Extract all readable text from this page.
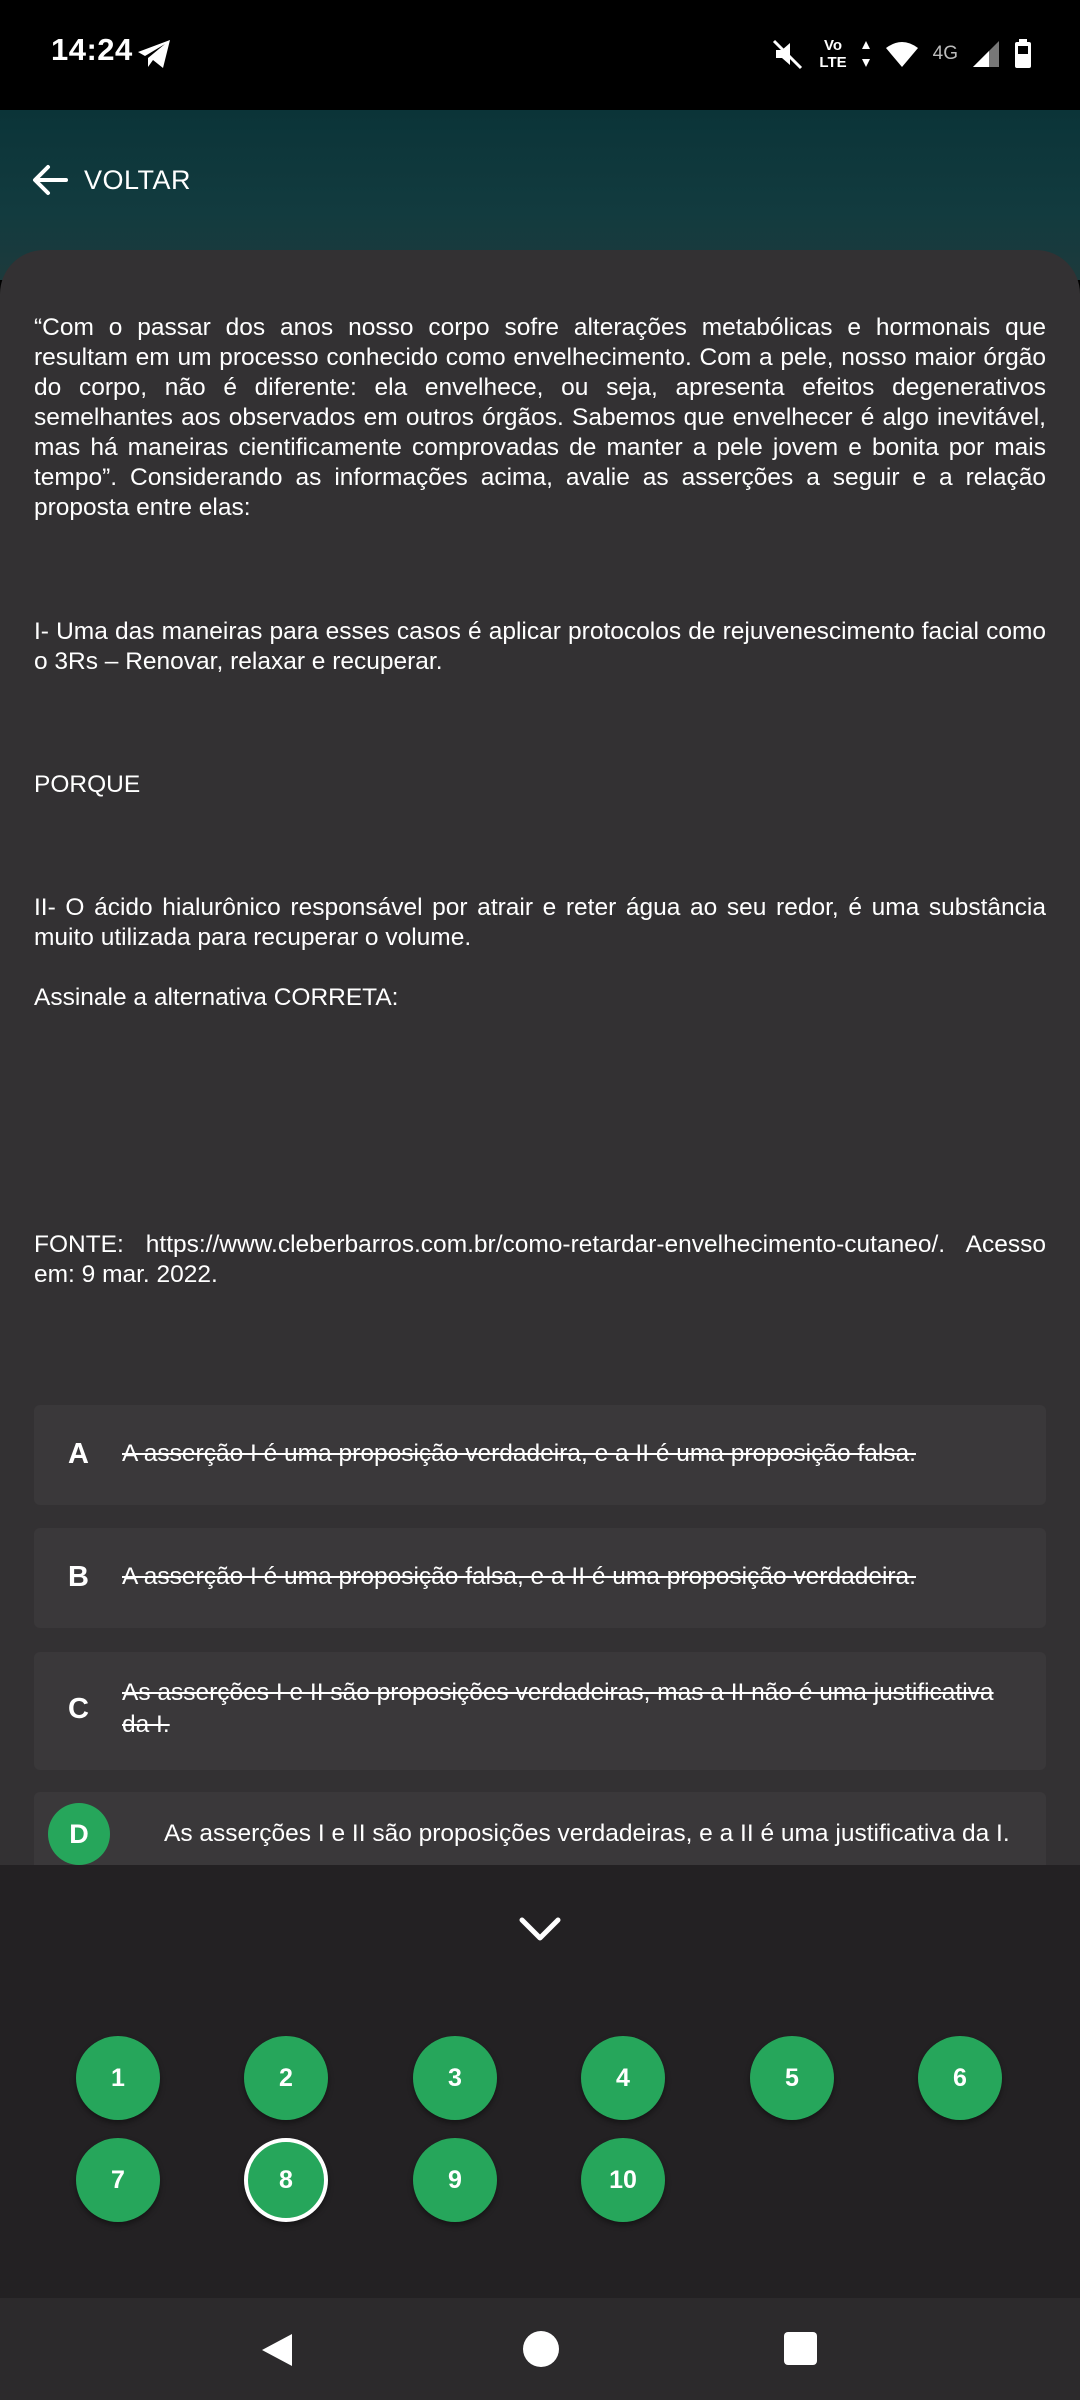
14:24	Vo
LTE	4G
VOLTAR
“Com o passar dos anos nosso corpo sofre alterações metabólicas e hormonais que resultam em um processo conhecido como envelhecimento. Com a pele, nosso maior órgão do corpo, não é diferente: ela envelhece, ou seja, apresenta efeitos degenerativos semelhantes aos observados em outros órgãos. Sabemos que envelhecer é algo inevitável, mas há maneiras cientificamente comprovadas de manter a pele jovem e bonita por mais tempo”. Considerando as informações acima, avalie as asserções a seguir e a relação proposta entre elas:
I- Uma das maneiras para esses casos é aplicar protocolos de rejuvenescimento facial como o 3Rs – Renovar, relaxar e recuperar.
PORQUE
II- O ácido hialurônico responsável por atrair e reter água ao seu redor, é uma substância muito utilizada para recuperar o volume.
Assinale a alternativa CORRETA:
FONTE: https://www.cleberbarros.com.br/como-retardar-envelhecimento-cutaneo/. Acesso em: 9 mar. 2022.
A A asserção I é uma proposição verdadeira, e a II é uma proposição falsa.
B A asserção I é uma proposição falsa, e a II é uma proposição verdadeira.
C
As asserções I e II são proposições verdadeiras, mas a II não é uma justificativa da I.
D	As asserções I e II são proposições verdadeiras, e a II é uma justificativa da I.
1	2	3	4	5	6
7	8	9	10
